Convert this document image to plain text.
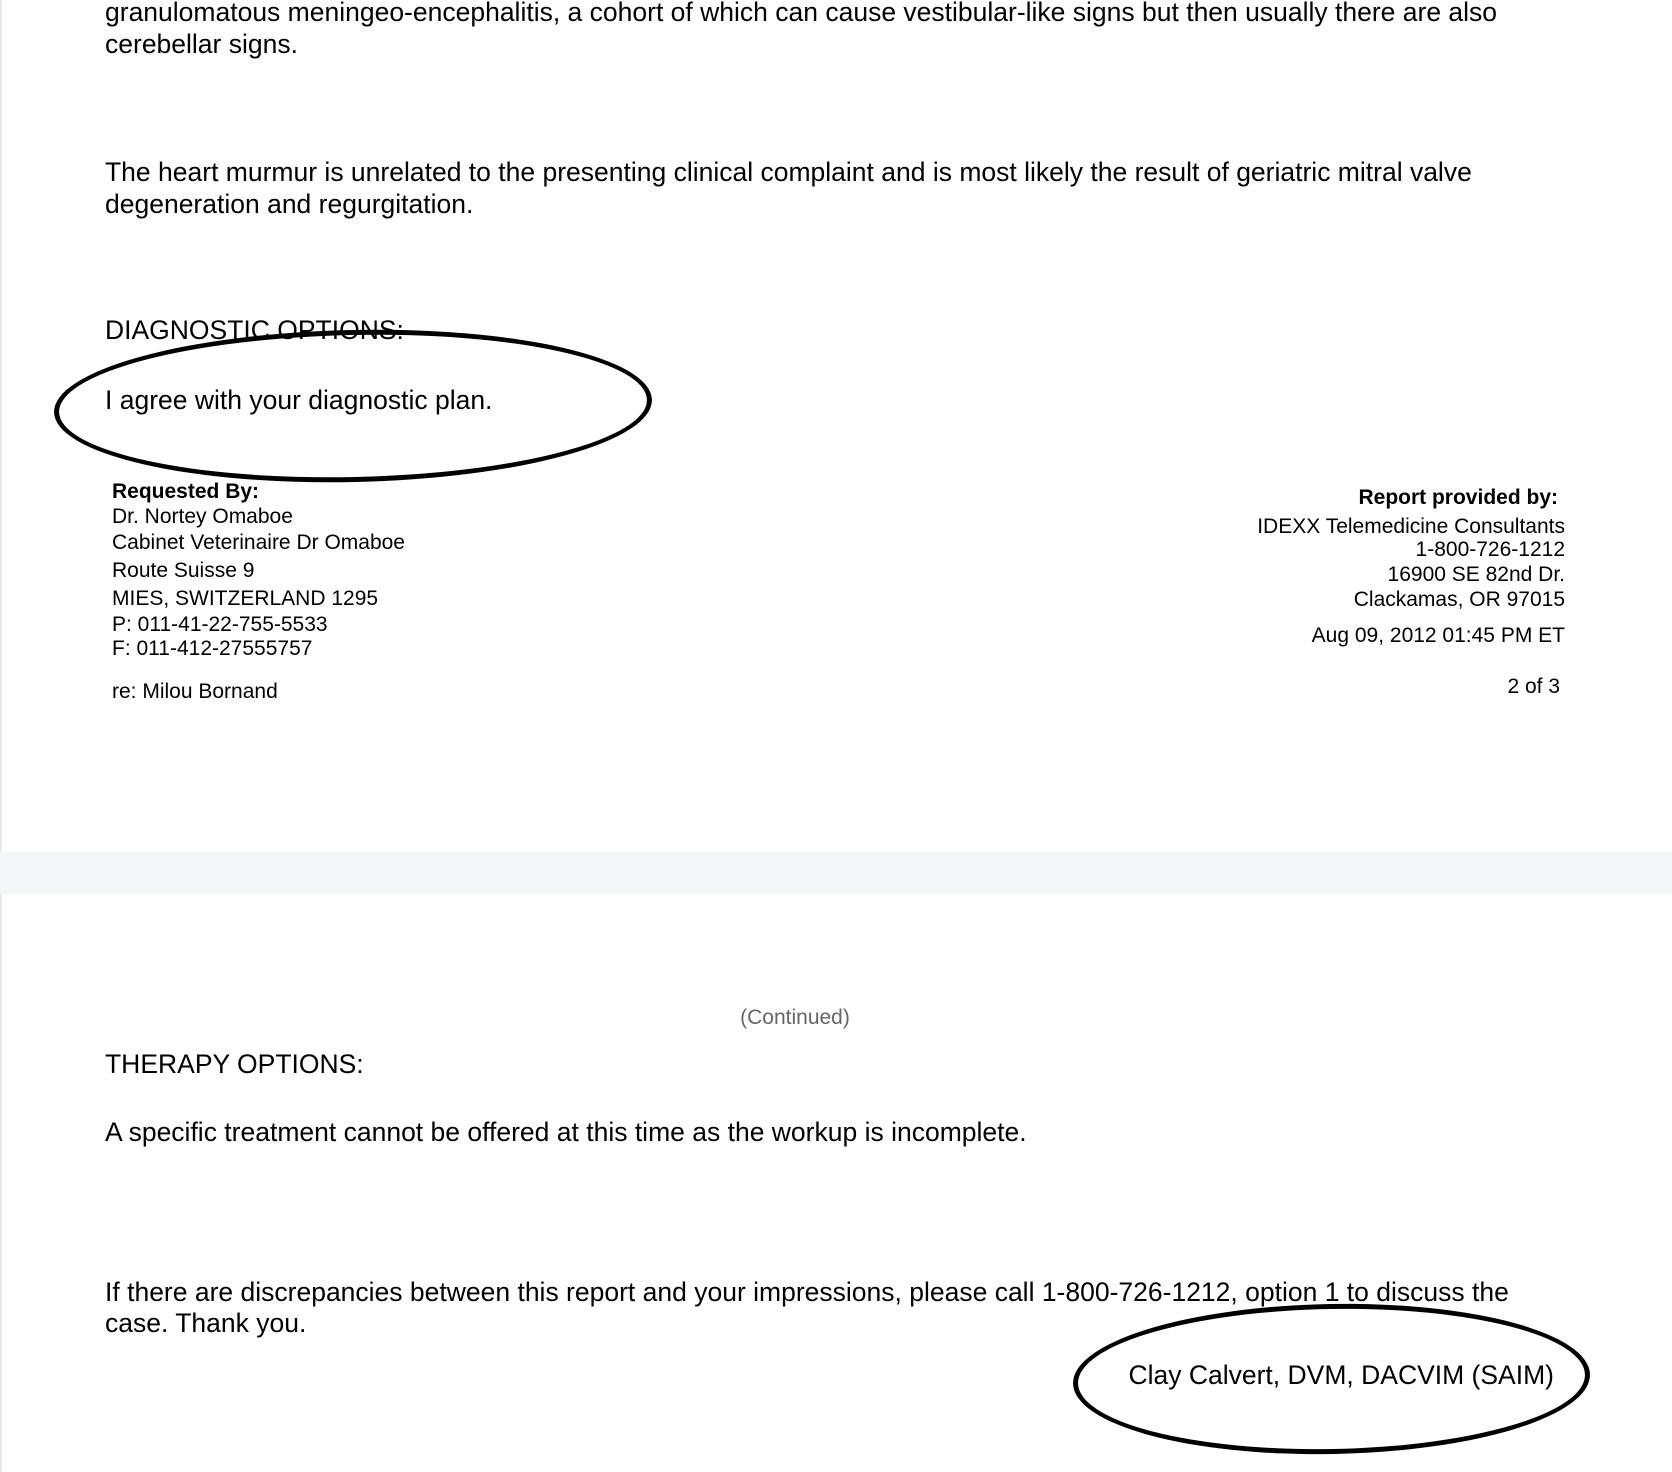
granulomatous meningeo-encephalitis, a cohort of which can cause vestibular-like signs but then usually there are also

cerebellar signs.

The heart murmur is unrelated to the presenting clinical complaint and is most likely the result of geriatric mitral valve

degeneration and regurgitation.

DIAGNOSTIC OPTIONS:

I agree with your diagnostic plan.

Requested By:
Dr. Nortey Omaboe
Cabinet Veterinaire Dr Omaboe
Route Suisse 9
MIES, SWITZERLAND 1295
P: 011-41-22-755-5533
F: 011-412-27555757
re: Milou Bornand
Report provided by:
IDEXX Telemedicine Consultants
1-800-726-1212
16900 SE 82nd Dr.
Clackamas, OR 97015
Aug 09, 2012 01:45 PM ET
2 of 3
(Continued)

THERAPY OPTIONS:

A specific treatment cannot be offered at this time as the workup is incomplete.

If there are discrepancies between this report and your impressions, please call 1-800-726-1212, option 1 to discuss the

case. Thank you.

Clay Calvert, DVM, DACVIM (SAIM)
